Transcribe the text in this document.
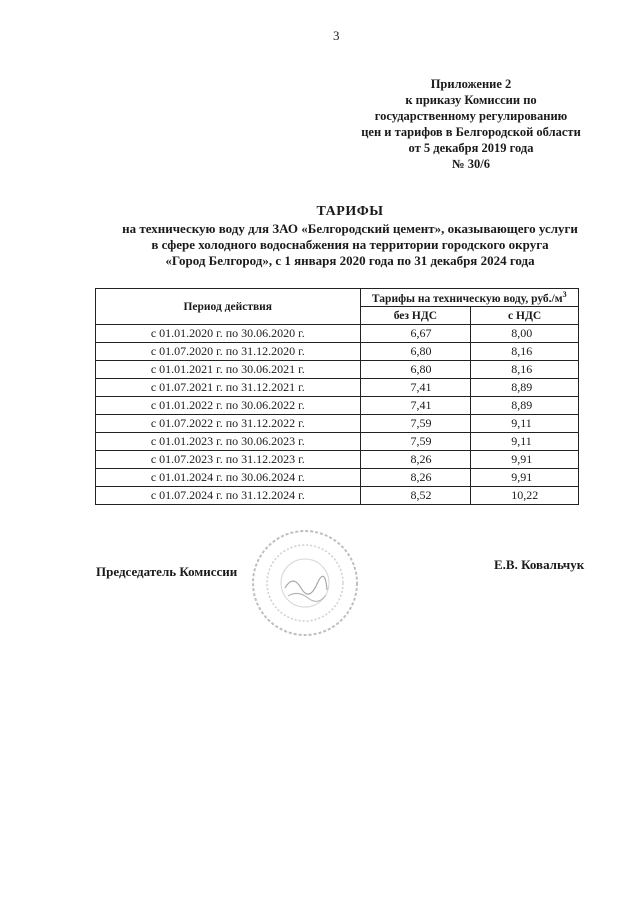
3
Приложение 2
к приказу Комиссии по
государственному регулированию
цен и тарифов в Белгородской области
от 5 декабря 2019 года
№ 30/6
ТАРИФЫ
на техническую воду для ЗАО «Белгородский цемент», оказывающего услуги
в сфере холодного водоснабжения на территории городского округа
«Город Белгород», с 1 января 2020 года по 31 декабря 2024 года
Период действия	Тарифы на техническую воду, $руб./м^3$
	без НДС	с НДС
с 01.01.2020 г. по 30.06.2020 г.	6,67	8,00
с 01.07.2020 г. по 31.12.2020 г.	6,80	8,16
с 01.01.2021 г. по 30.06.2021 г.	6,80	8,16
с 01.07.2021 г. по 31.12.2021 г.	7,41	8,89
с 01.01.2022 г. по 30.06.2022 г.	7,41	8,89
с 01.07.2022 г. по 31.12.2022 г.	7,59	9,11
с 01.01.2023 г. по 30.06.2023 г.	7,59	9,11
с 01.07.2023 г. по 31.12.2023 г.	8,26	9,91
с 01.01.2024 г. по 30.06.2024 г.	8,26	9,91
с 01.07.2024 г. по 31.12.2024 г.	8,52	10,22
Председатель Комиссии	Е.В. Ковальчук
